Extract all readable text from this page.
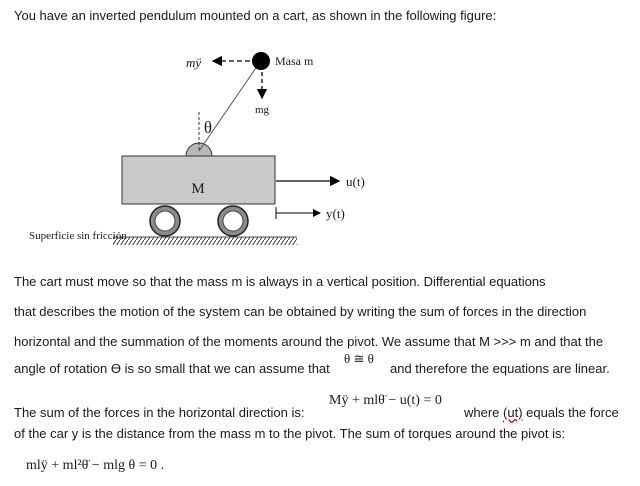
You have an inverted pendulum mounted on a cart, as shown in the following figure:
M
θ
Masa m
mÿ
mg
u(t)
y(t)
Superficie sin fricción
The cart must move so that the mass m is always in a vertical position. Differential equations
that describes the motion of the system can be obtained by writing the sum of forces in the direction
horizontal and the summation of the moments around the pivot. We assume that M >>> m and that the
angle of rotation ϴ is so small that we can assume that
θ ≅ θ
and therefore the equations are linear.
Mÿ + mlθ̈ − u(t) = 0
The sum of the forces in the horizontal direction is:	where (ut) equals the force
of the car y is the distance from the mass m to the pivot. The sum of torques around the pivot is:
mlÿ + ml²θ̈ − mlg θ = 0 .
